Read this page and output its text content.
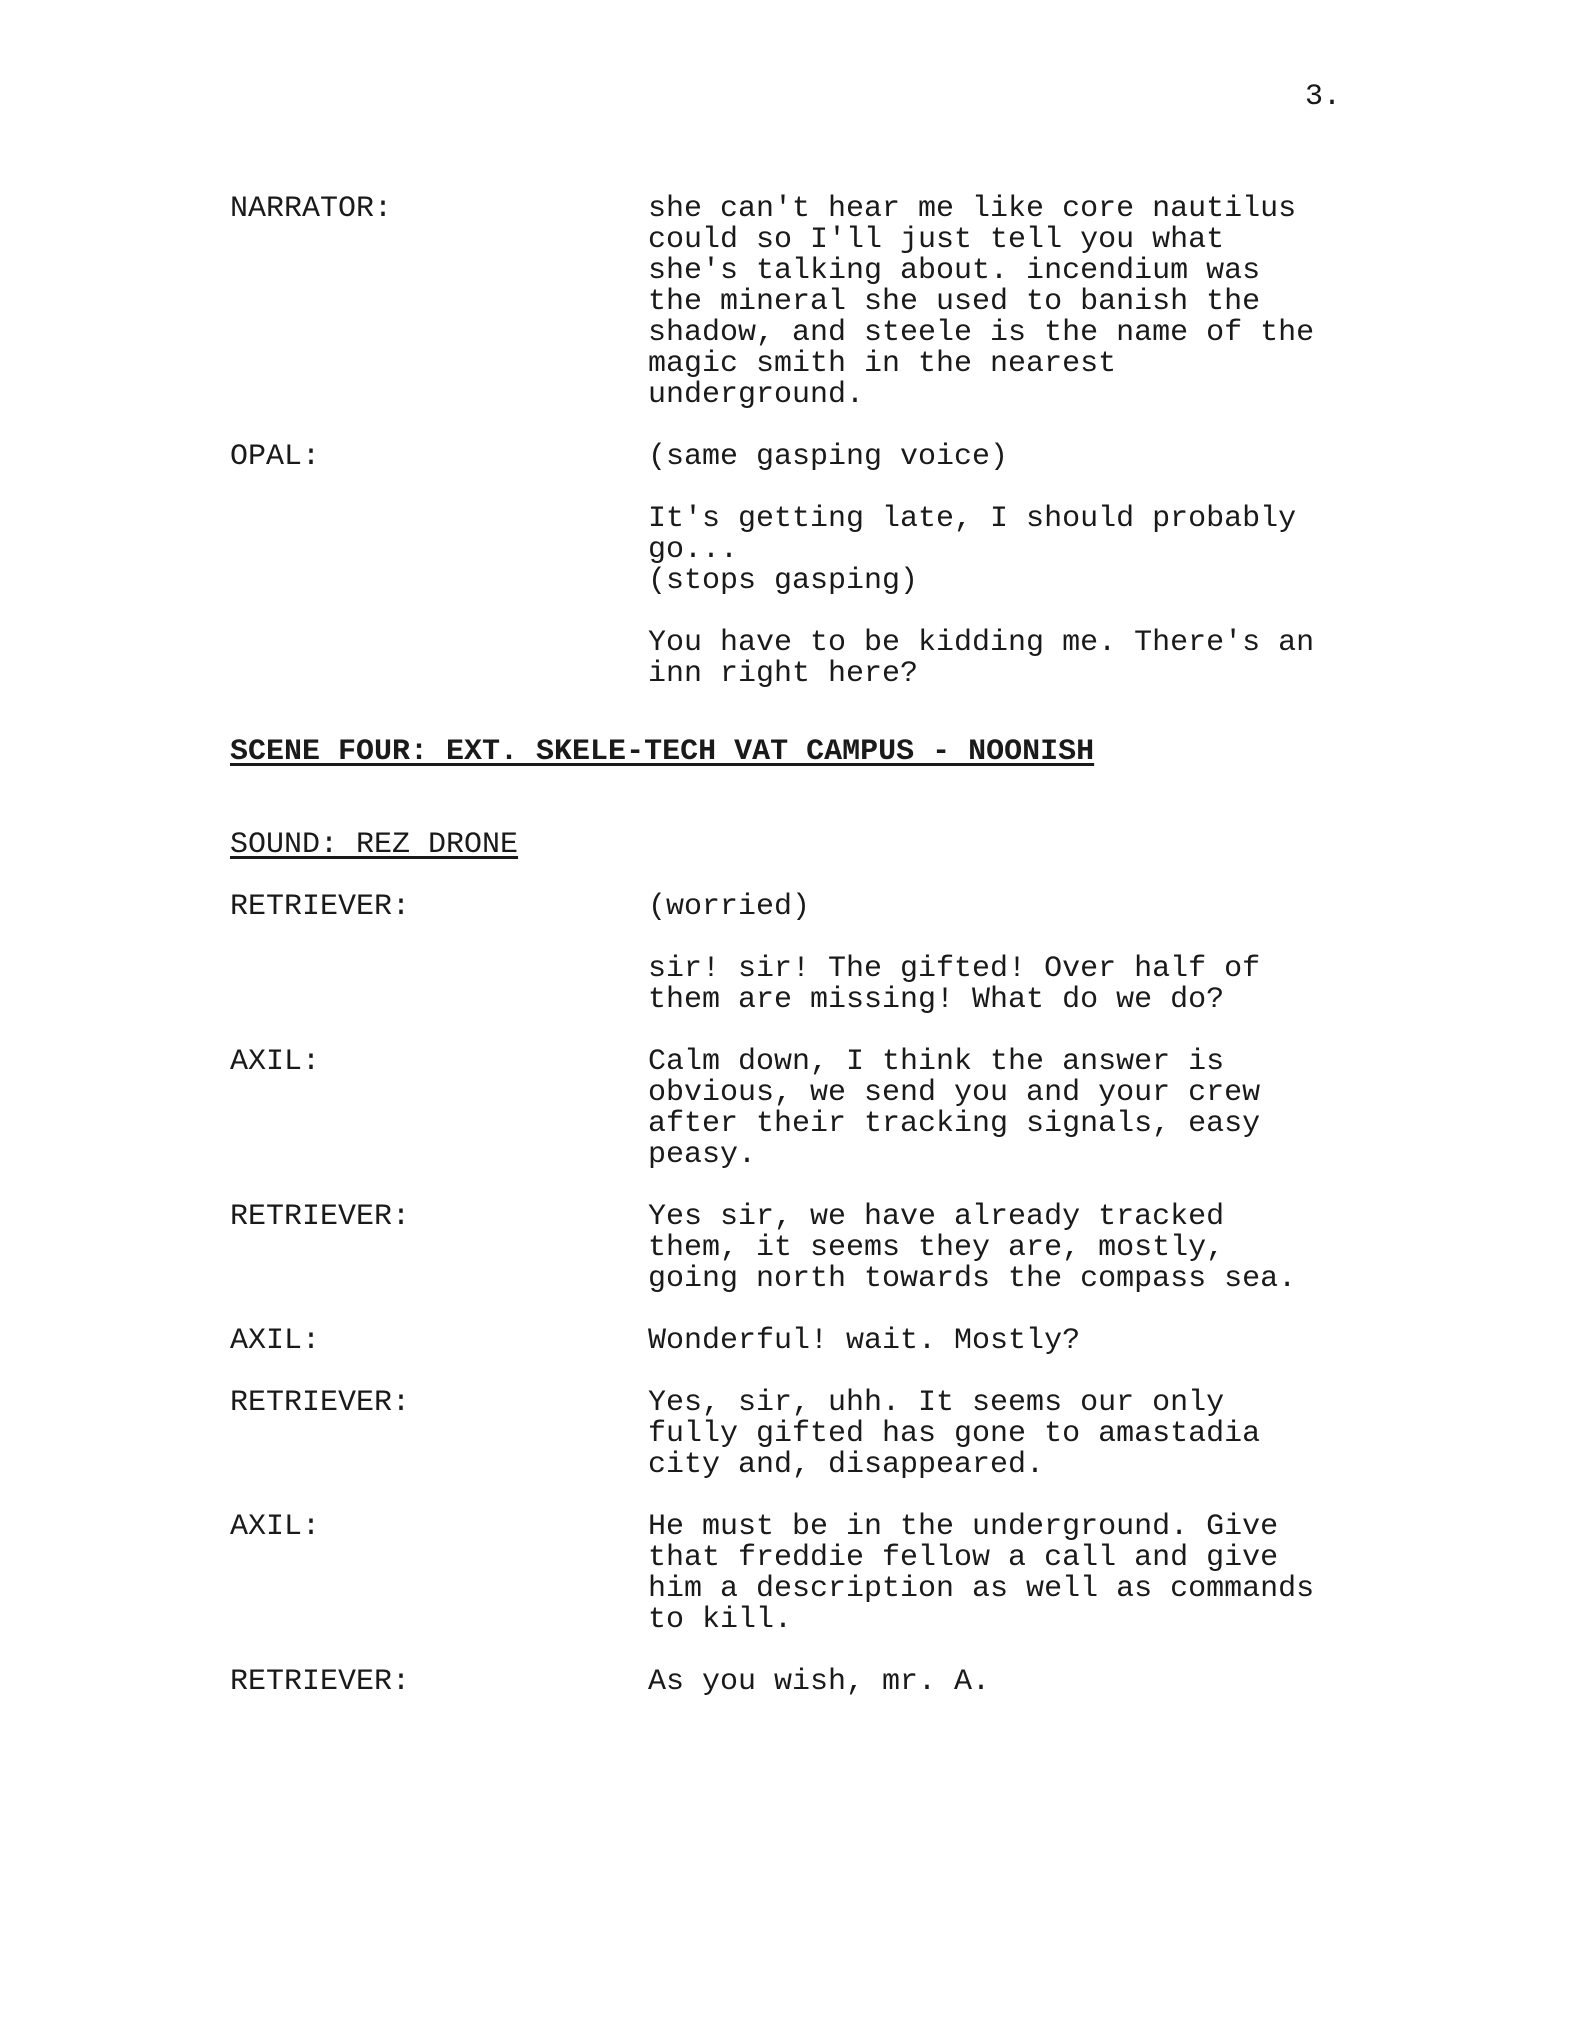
3.
NARRATOR:	she can't hear me like core nautilus
could so I'll just tell you what
she's talking about. incendium was
the mineral she used to banish the
shadow, and steele is the name of the
magic smith in the nearest
underground.
OPAL:	(same gasping voice)
It's getting late, I should probably
go...
(stops gasping)
You have to be kidding me. There's an
inn right here?
SCENE FOUR: EXT. SKELE-TECH VAT CAMPUS - NOONISH
SOUND: REZ DRONE
RETRIEVER:	(worried)
sir! sir! The gifted! Over half of
them are missing! What do we do?
AXIL:	Calm down, I think the answer is
obvious, we send you and your crew
after their tracking signals, easy
peasy.
RETRIEVER:	Yes sir, we have already tracked
them, it seems they are, mostly,
going north towards the compass sea.
AXIL:	Wonderful! wait. Mostly?
RETRIEVER:	Yes, sir, uhh. It seems our only
fully gifted has gone to amastadia
city and, disappeared.
AXIL:	He must be in the underground. Give
that freddie fellow a call and give
him a description as well as commands
to kill.
RETRIEVER:	As you wish, mr. A.
